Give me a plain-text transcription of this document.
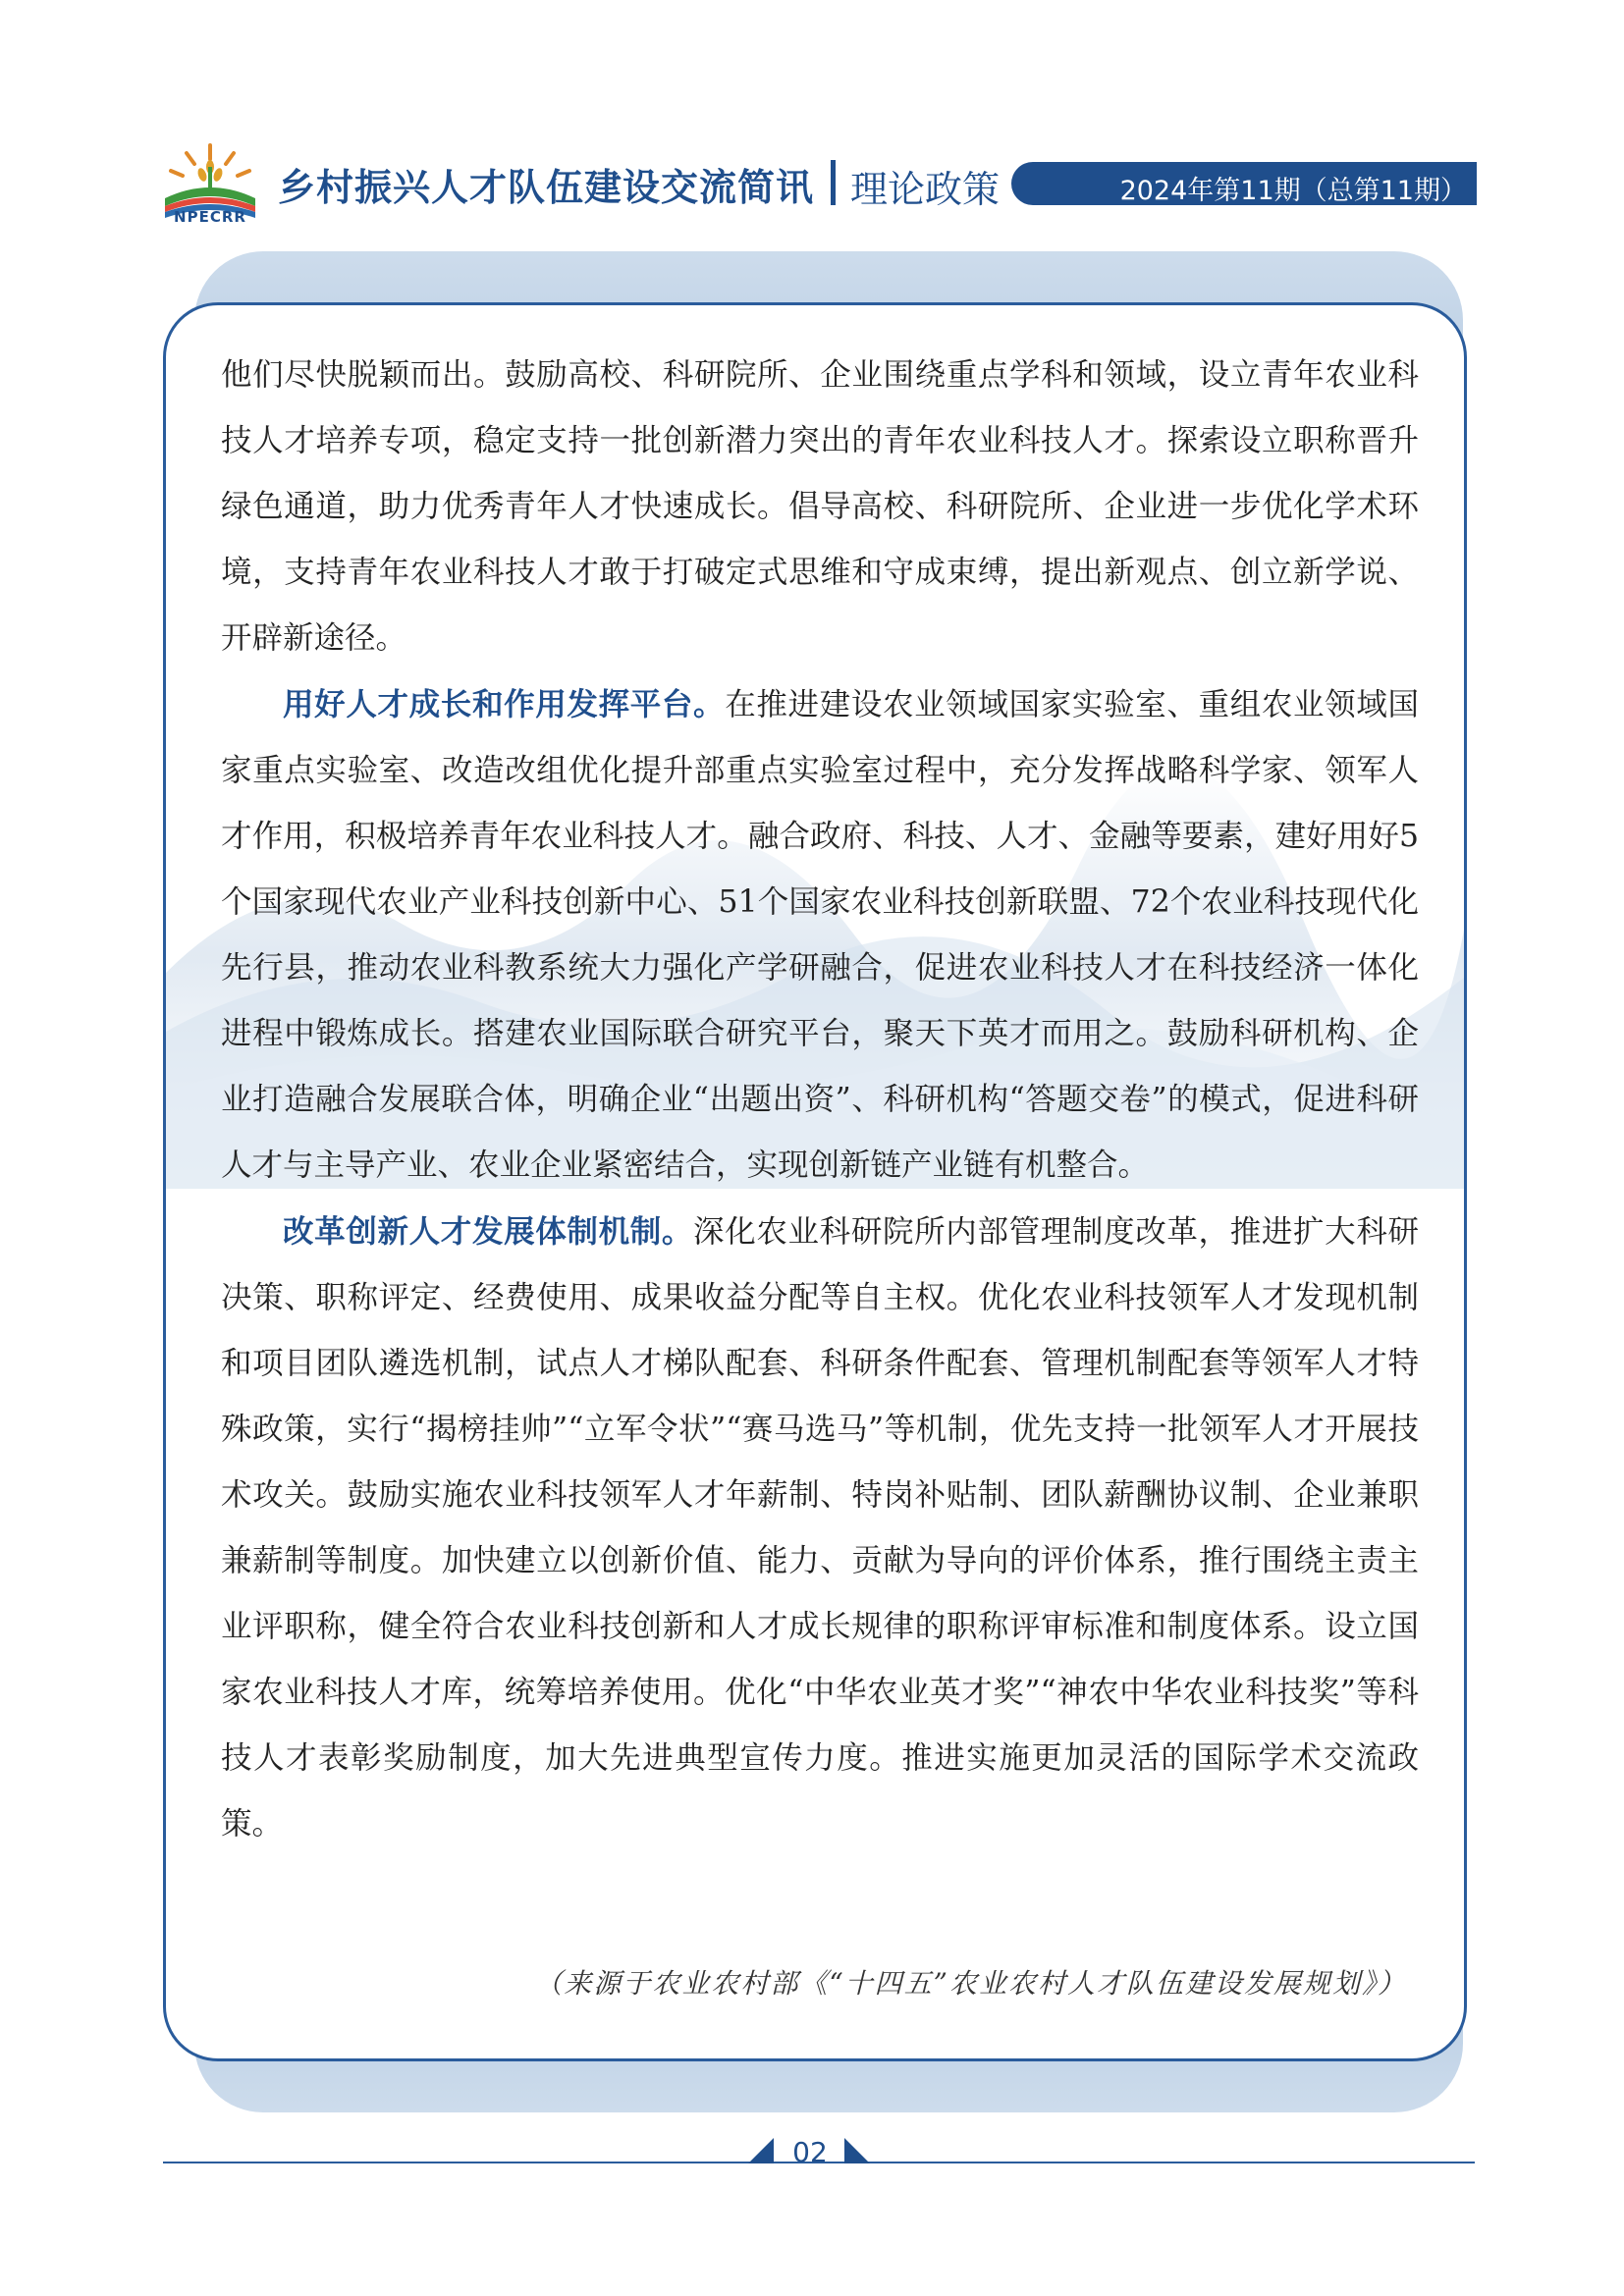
NPECRR
乡村振兴人才队伍建设交流简讯 理论政策	2024年第11期（总第11期）

他们尽快脱颖而出。鼓励高校、科研院所、企业围绕重点学科和领域，设立青年农业科技人才培养专项，稳定支持一批创新潜力突出的青年农业科技人才。探索设立职称晋升绿色通道，助力优秀青年人才快速成长。倡导高校、科研院所、企业进一步优化学术环境，支持青年农业科技人才敢于打破定式思维和守成束缚，提出新观点、创立新学说、开辟新途径。

用好人才成长和作用发挥平台。在推进建设农业领域国家实验室、重组农业领域国家重点实验室、改造改组优化提升部重点实验室过程中，充分发挥战略科学家、领军人才作用，积极培养青年农业科技人才。融合政府、科技、人才、金融等要素，建好用好5个国家现代农业产业科技创新中心、51个国家农业科技创新联盟、72个农业科技现代化先行县，推动农业科教系统大力强化产学研融合，促进农业科技人才在科技经济一体化进程中锻炼成长。搭建农业国际联合研究平台，聚天下英才而用之。鼓励科研机构、企业打造融合发展联合体，明确企业“出题出资”、科研机构“答题交卷”的模式，促进科研人才与主导产业、农业企业紧密结合，实现创新链产业链有机整合。

改革创新人才发展体制机制。深化农业科研院所内部管理制度改革，推进扩大科研决策、职称评定、经费使用、成果收益分配等自主权。优化农业科技领军人才发现机制和项目团队遴选机制，试点人才梯队配套、科研条件配套、管理机制配套等领军人才特殊政策，实行“揭榜挂帅”“立军令状”“赛马选马”等机制，优先支持一批领军人才开展技术攻关。鼓励实施农业科技领军人才年薪制、特岗补贴制、团队薪酬协议制、企业兼职兼薪制等制度。加快建立以创新价值、能力、贡献为导向的评价体系，推行围绕主责主业评职称，健全符合农业科技创新和人才成长规律的职称评审标准和制度体系。设立国家农业科技人才库，统筹培养使用。优化“中华农业英才奖”“神农中华农业科技奖”等科技人才表彰奖励制度，加大先进典型宣传力度。推进实施更加灵活的国际学术交流政策。

（来源于农业农村部《“十四五”农业农村人才队伍建设发展规划》）
02
